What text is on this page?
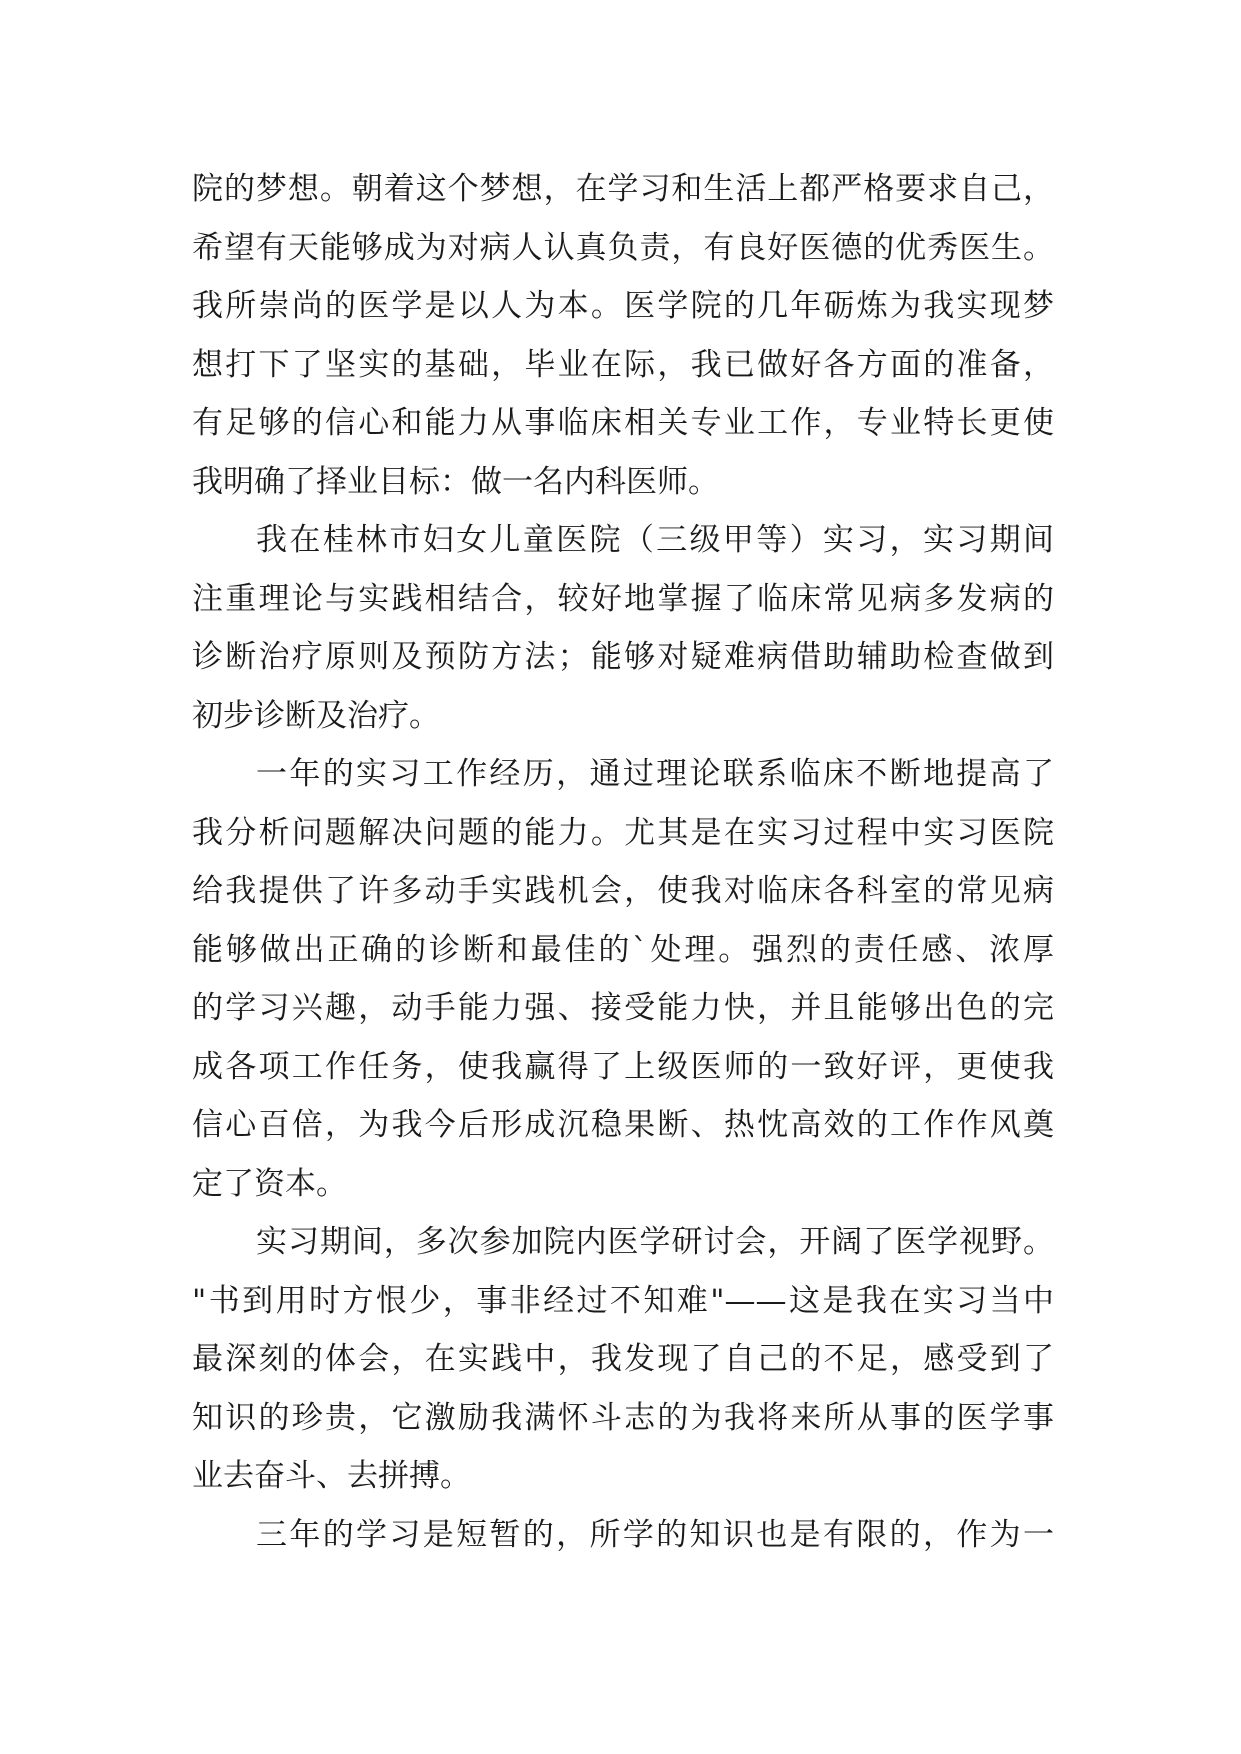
院的梦想。朝着这个梦想，在学习和生活上都严格要求自己，
希望有天能够成为对病人认真负责，有良好医德的优秀医生。
我所崇尚的医学是以人为本。医学院的几年砺炼为我实现梦
想打下了坚实的基础，毕业在际，我已做好各方面的准备，
有足够的信心和能力从事临床相关专业工作，专业特长更使
我明确了择业目标：做一名内科医师。
我在桂林市妇女儿童医院（三级甲等）实习，实习期间
注重理论与实践相结合，较好地掌握了临床常见病多发病的
诊断治疗原则及预防方法；能够对疑难病借助辅助检查做到
初步诊断及治疗。
一年的实习工作经历，通过理论联系临床不断地提高了
我分析问题解决问题的能力。尤其是在实习过程中实习医院
给我提供了许多动手实践机会，使我对临床各科室的常见病
能够做出正确的诊断和最佳的`处理。强烈的责任感、浓厚
的学习兴趣，动手能力强、接受能力快，并且能够出色的完
成各项工作任务，使我赢得了上级医师的一致好评，更使我
信心百倍，为我今后形成沉稳果断、热忱高效的工作作风奠
定了资本。
实习期间，多次参加院内医学研讨会，开阔了医学视野。
"书到用时方恨少，事非经过不知难"——这是我在实习当中
最深刻的体会，在实践中，我发现了自己的不足，感受到了
知识的珍贵，它激励我满怀斗志的为我将来所从事的医学事
业去奋斗、去拼搏。
三年的学习是短暂的，所学的知识也是有限的，作为一
